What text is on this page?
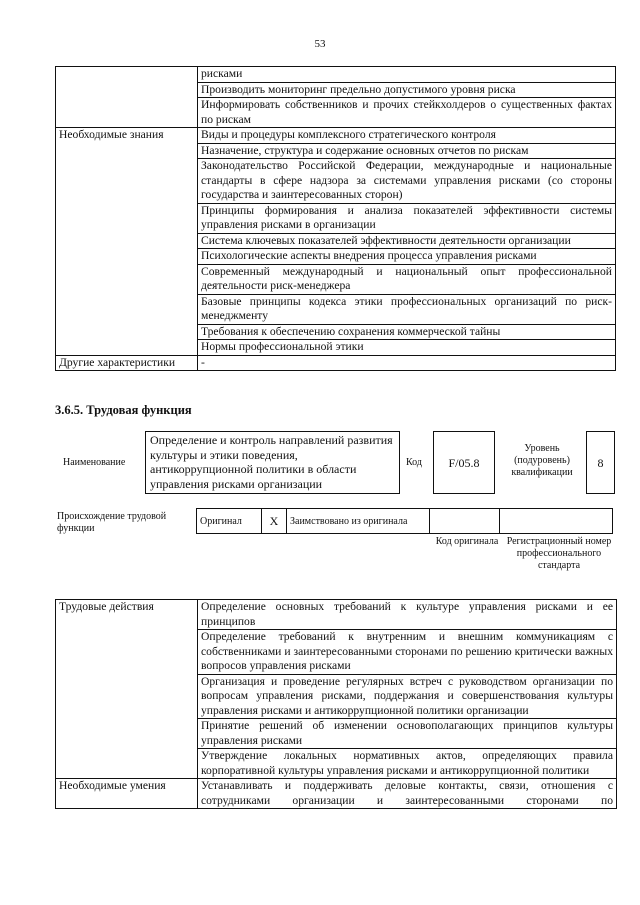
53
	рисками
	Производить мониторинг предельно допустимого уровня риска
	Информировать собственников и прочих стейкхолдеров о существенных фактах по рискам
Необходимые знания	Виды и процедуры комплексного стратегического контроля
	Назначение, структура и содержание основных отчетов по рискам
	Законодательство Российской Федерации, международные и национальные стандарты в сфере надзора за системами управления рисками (со стороны государства и заинтересованных сторон)
	Принципы формирования и анализа показателей эффективности системы управления рисками в организации
	Система ключевых показателей эффективности деятельности организации
	Психологические аспекты внедрения процесса управления рисками
	Современный международный и национальный опыт профессиональной деятельности риск-менеджера
	Базовые принципы кодекса этики профессиональных организаций по риск-менеджменту
	Требования к обеспечению сохранения коммерческой тайны
	Нормы профессиональной этики
Другие характеристики	-
3.6.5. Трудовая функция
Наименование
Определение и контроль направлений развития культуры и этики поведения, антикоррупционной политики в области управления рисками организации
Код	F/05.8
Уровень (подуровень) квалификации
8
Происхождение трудовой функции
Оригинал	X	Заимствовано из оригинала		
Код оригинала Регистрационный номер профессионального стандарта
Трудовые действия	Определение основных требований к культуре управления рисками и ее принципов
	Определение требований к внутренним и внешним коммуникациям с собственниками и заинтересованными сторонами по решению критически важных вопросов управления рисками
	Организация и проведение регулярных встреч с руководством организации по вопросам управления рисками, поддержания и совершенствования культуры управления рисками и антикоррупционной политики организации
	Принятие решений об изменении основополагающих принципов культуры управления рисками
	Утверждение локальных нормативных актов, определяющих правила корпоративной культуры управления рисками и антикоррупционной политики
Необходимые умения	Устанавливать и поддерживать деловые контакты, связи, отношения с сотрудниками организации и заинтересованными сторонами по
